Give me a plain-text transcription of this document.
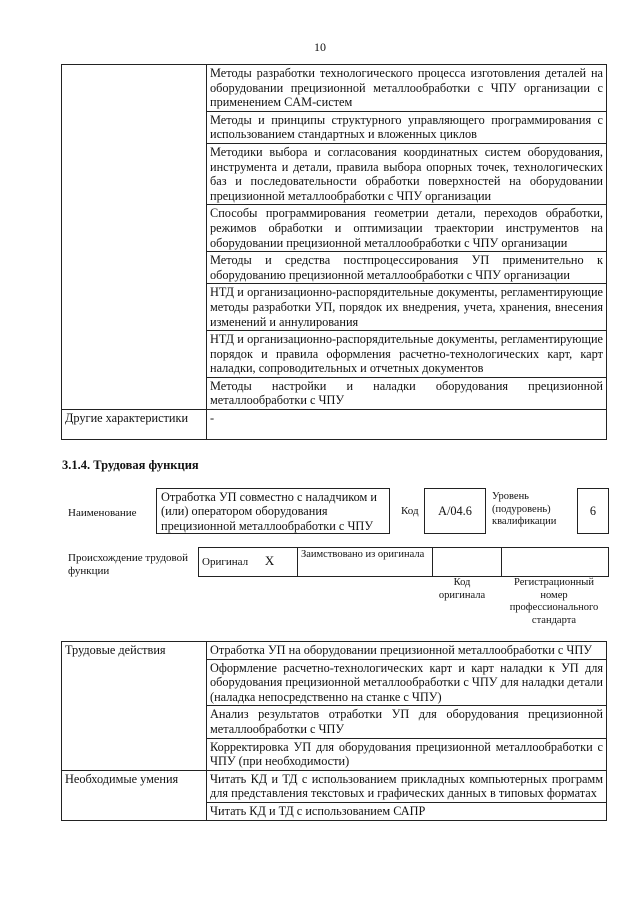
10
	Методы разработки технологического процесса изготовления деталей на оборудовании прецизионной металлообработки с ЧПУ организации с применением CAM-систем
	Методы и принципы структурного управляющего программирования с использованием стандартных и вложенных циклов
	Методики выбора и согласования координатных систем оборудования, инструмента и детали, правила выбора опорных точек, технологических баз и последовательности обработки поверхностей на оборудовании прецизионной металлообработки с ЧПУ организации
	Способы программирования геометрии детали, переходов обработки, режимов обработки и оптимизации траектории инструментов на оборудовании прецизионной металлообработки с ЧПУ организации
	Методы и средства постпроцессирования УП применительно к оборудованию прецизионной металлообработки с ЧПУ организации
	НТД и организационно-распорядительные документы, регламентирующие методы разработки УП, порядок их внедрения, учета, хранения, внесения изменений и аннулирования
	НТД и организационно-распорядительные документы, регламентирующие порядок и правила оформления расчетно-технологических карт, карт наладки, сопроводительных и отчетных документов
	Методы настройки и наладки оборудования прецизионной металлообработки с ЧПУ
Другие характеристики	-
3.1.4. Трудовая функция
Наименование
Отработка УП совместно с наладчиком и (или) оператором оборудования прецизионной металлообработки с ЧПУ
Код A/04.6
Уровень (подуровень) квалификации
6
Происхождение трудовой функции
Оригинал X	Заимствовано из оригинала		
Код оригинала
Регистрационный номер профессионального стандарта
Трудовые действия	Отработка УП на оборудовании прецизионной металлообработки с ЧПУ
	Оформление расчетно-технологических карт и карт наладки к УП для оборудования прецизионной металлообработки с ЧПУ для наладки детали (наладка непосредственно на станке с ЧПУ)
	Анализ результатов отработки УП для оборудования прецизионной металлообработки с ЧПУ
	Корректировка УП для оборудования прецизионной металлообработки с ЧПУ (при необходимости)
Необходимые умения	Читать КД и ТД с использованием прикладных компьютерных программ для представления текстовых и графических данных в типовых форматах
	Читать КД и ТД с использованием САПР
